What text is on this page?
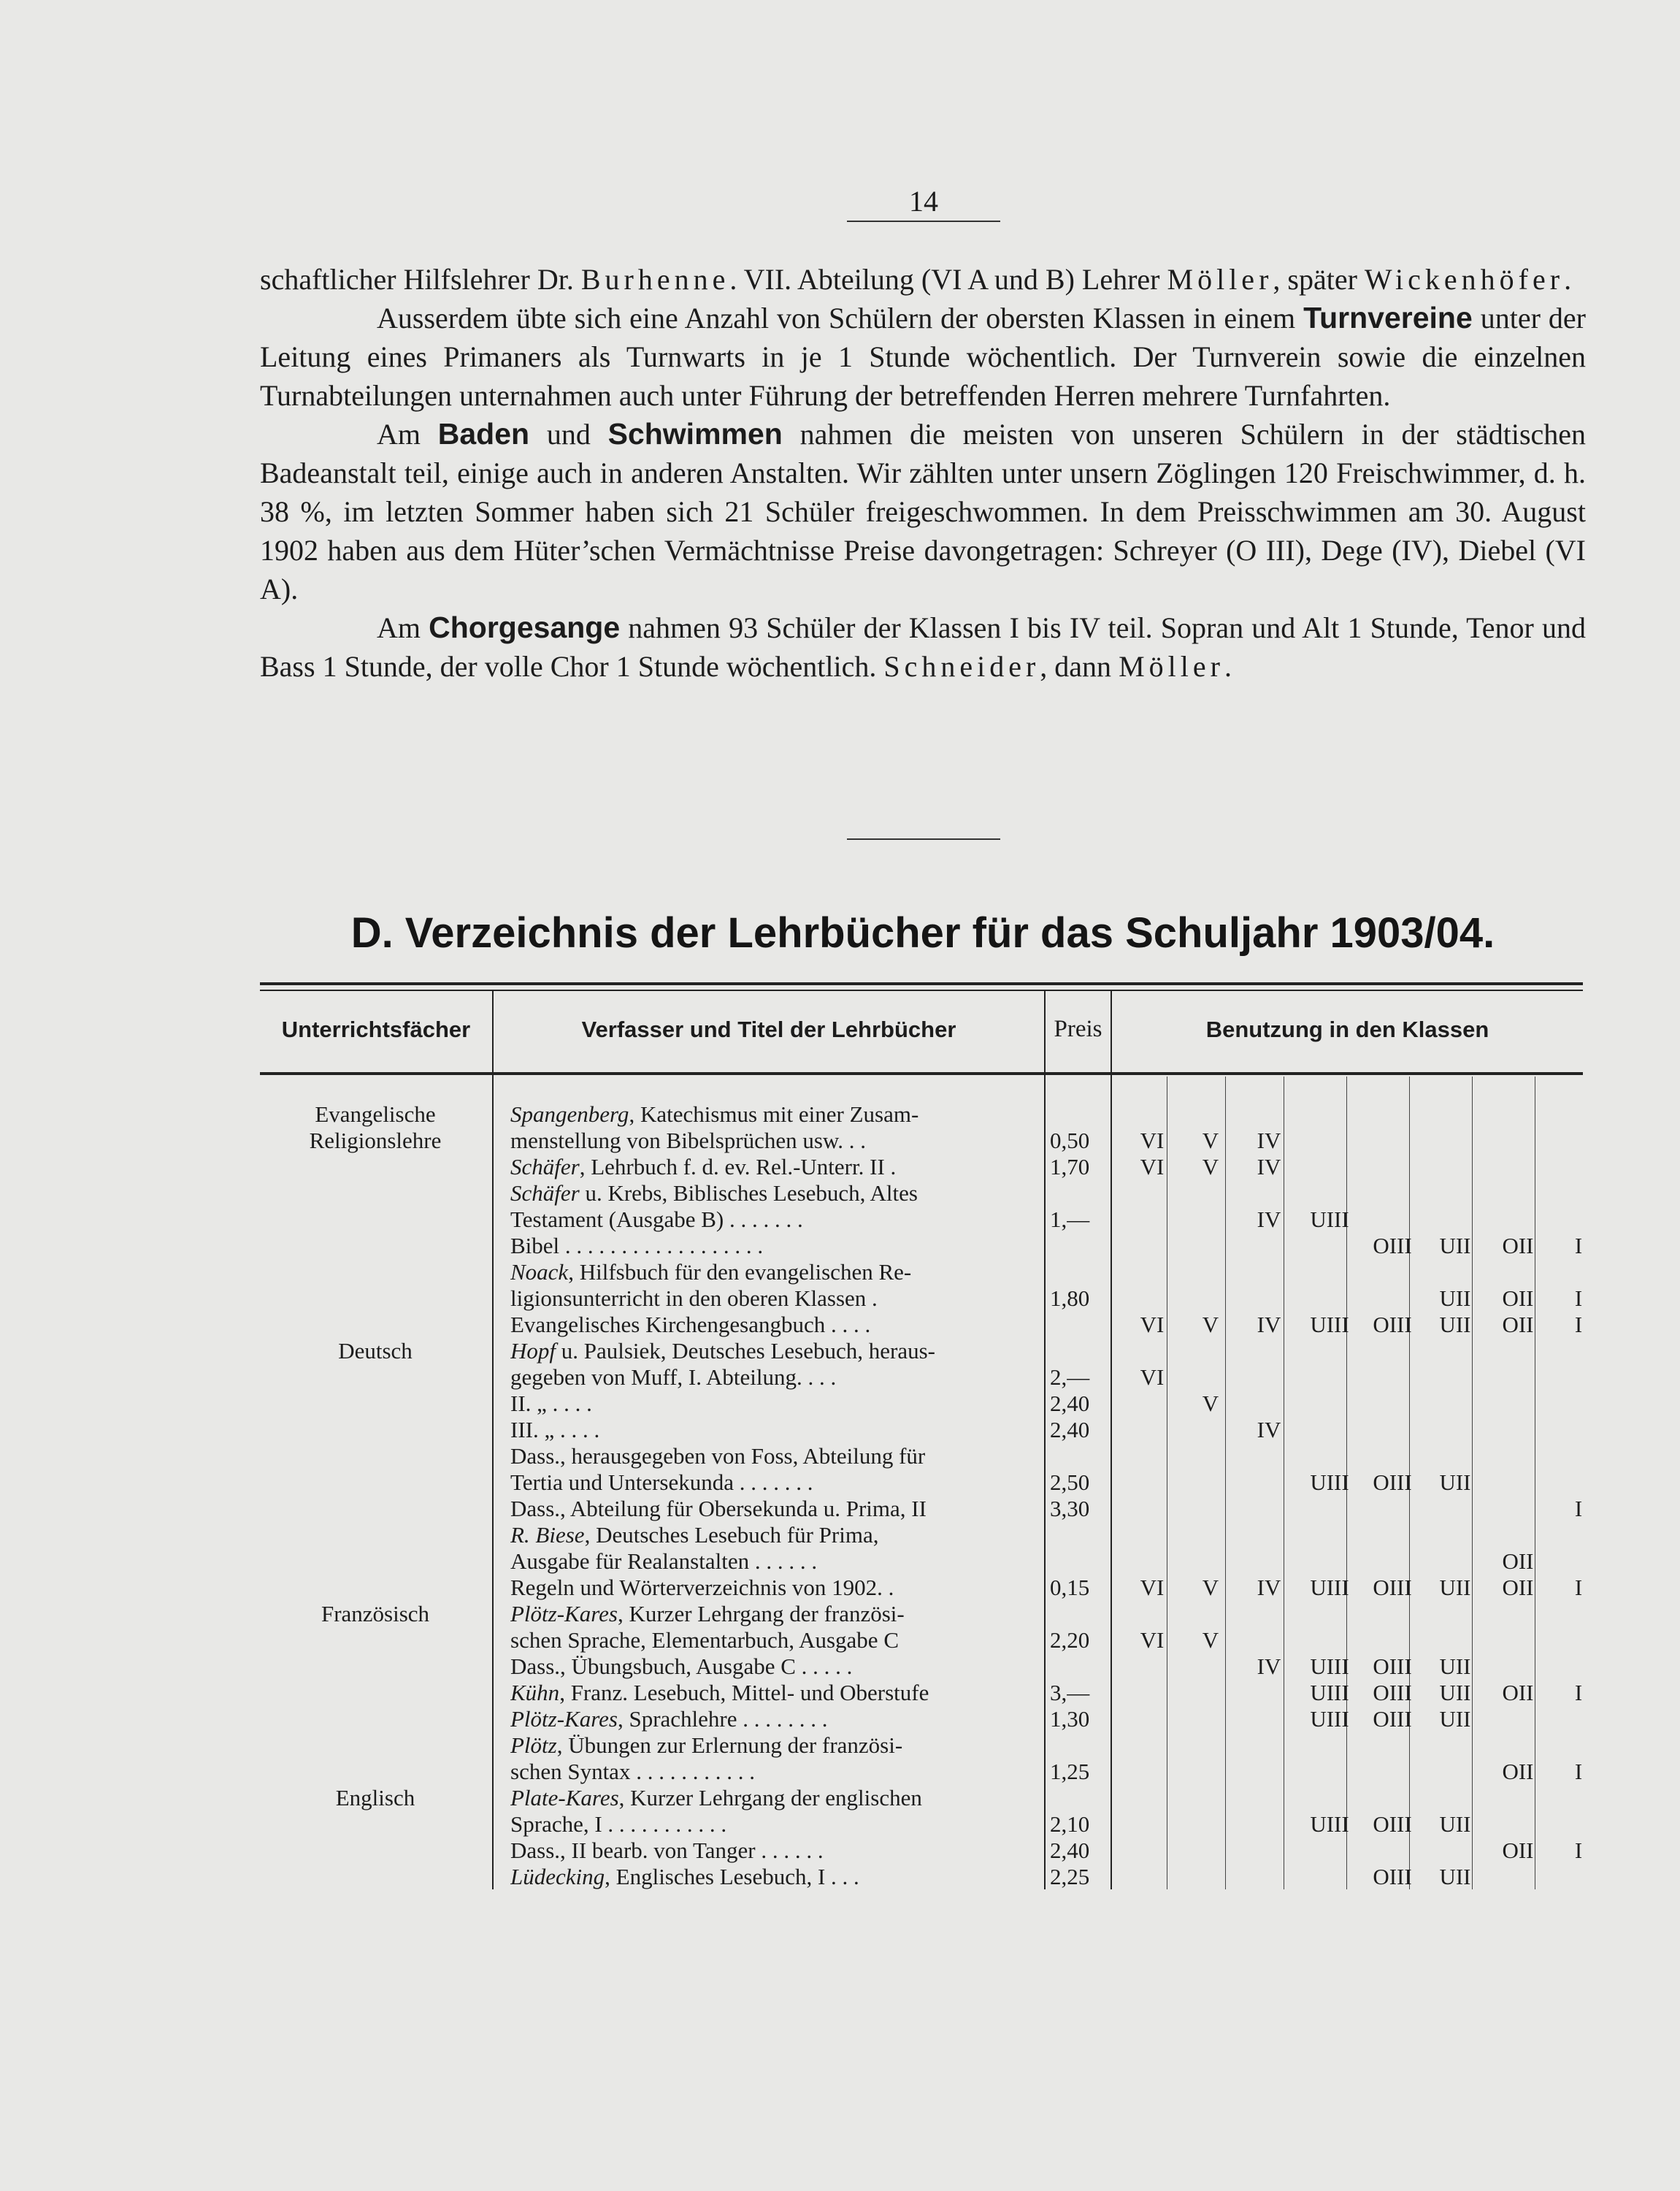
14

schaftlicher Hilfslehrer Dr. Burhenne. VII. Abteilung (VI A und B) Lehrer Möller, später Wickenhöfer.

Ausserdem übte sich eine Anzahl von Schülern der obersten Klassen in einem Turnvereine unter der Leitung eines Primaners als Turnwarts in je 1 Stunde wöchentlich. Der Turnverein sowie die einzelnen Turnabteilungen unternahmen auch unter Führung der betreffenden Herren mehrere Turnfahrten.

Am Baden und Schwimmen nahmen die meisten von unseren Schülern in der städtischen Badeanstalt teil, einige auch in anderen Anstalten. Wir zählten unter unsern Zöglingen 120 Freischwimmer, d. h. 38 %, im letzten Sommer haben sich 21 Schüler freigeschwommen. In dem Preisschwimmen am 30. August 1902 haben aus dem Hüter’schen Vermächtnisse Preise davongetragen: Schreyer (O III), Dege (IV), Diebel (VI A).

Am Chorgesange nahmen 93 Schüler der Klassen I bis IV teil. Sopran und Alt 1 Stunde, Tenor und Bass 1 Stunde, der volle Chor 1 Stunde wöchentlich. Schneider, dann Möller.

D. Verzeichnis der Lehrbücher für das Schuljahr 1903/04.
Unterrichtsfächer	Verfasser und Titel der Lehrbücher	Preis	Benutzung in den Klassen
Evangelische	Spangenberg, Katechismus mit einer Zusam-
Religionslehre	menstellung von Bibelsprüchen usw. . .	0,50	VI	V	IV
Schäfer, Lehrbuch f. d. ev. Rel.-Unterr. II .	1,70	VI	V	IV
Schäfer u. Krebs, Biblisches Lesebuch, Altes
Testament (Ausgabe B) . . . . . . .	1,—	IV	UIII
Bibel . . . . . . . . . . . . . . . . . .	OIII	UII	OII	I
Noack, Hilfsbuch für den evangelischen Re-
ligionsunterricht in den oberen Klassen .	1,80	UII	OII	I
Evangelisches Kirchengesangbuch . . . .	VI	V	IV	UIII	OIII	UII	OII	I
Deutsch	Hopf u. Paulsiek, Deutsches Lesebuch, heraus-
gegeben von Muff, I. Abteilung. . . .	2,—	VI
II. „ . . . .	2,40	V
III. „ . . . .	2,40	IV
Dass., herausgegeben von Foss, Abteilung für
Tertia und Untersekunda . . . . . . .	2,50	UIII	OIII	UII
Dass., Abteilung für Obersekunda u. Prima, II	3,30	I
R. Biese, Deutsches Lesebuch für Prima,
Ausgabe für Realanstalten . . . . . .	OII
Regeln und Wörterverzeichnis von 1902. .	0,15	VI	V	IV	UIII	OIII	UII	OII	I
Französisch	Plötz-Kares, Kurzer Lehrgang der französi-
schen Sprache, Elementarbuch, Ausgabe C	2,20	VI	V
Dass., Übungsbuch, Ausgabe C . . . . .	IV	UIII	OIII	UII
Kühn, Franz. Lesebuch, Mittel- und Oberstufe	3,—	UIII	OIII	UII	OII	I
Plötz-Kares, Sprachlehre . . . . . . . .	1,30	UIII	OIII	UII
Plötz, Übungen zur Erlernung der französi-
schen Syntax . . . . . . . . . . .	1,25	OII	I
Englisch	Plate-Kares, Kurzer Lehrgang der englischen
Sprache, I . . . . . . . . . . .	2,10	UIII	OIII	UII
Dass., II bearb. von Tanger . . . . . .	2,40	OII	I
Lüdecking, Englisches Lesebuch, I . . .	2,25	OIII	UII
